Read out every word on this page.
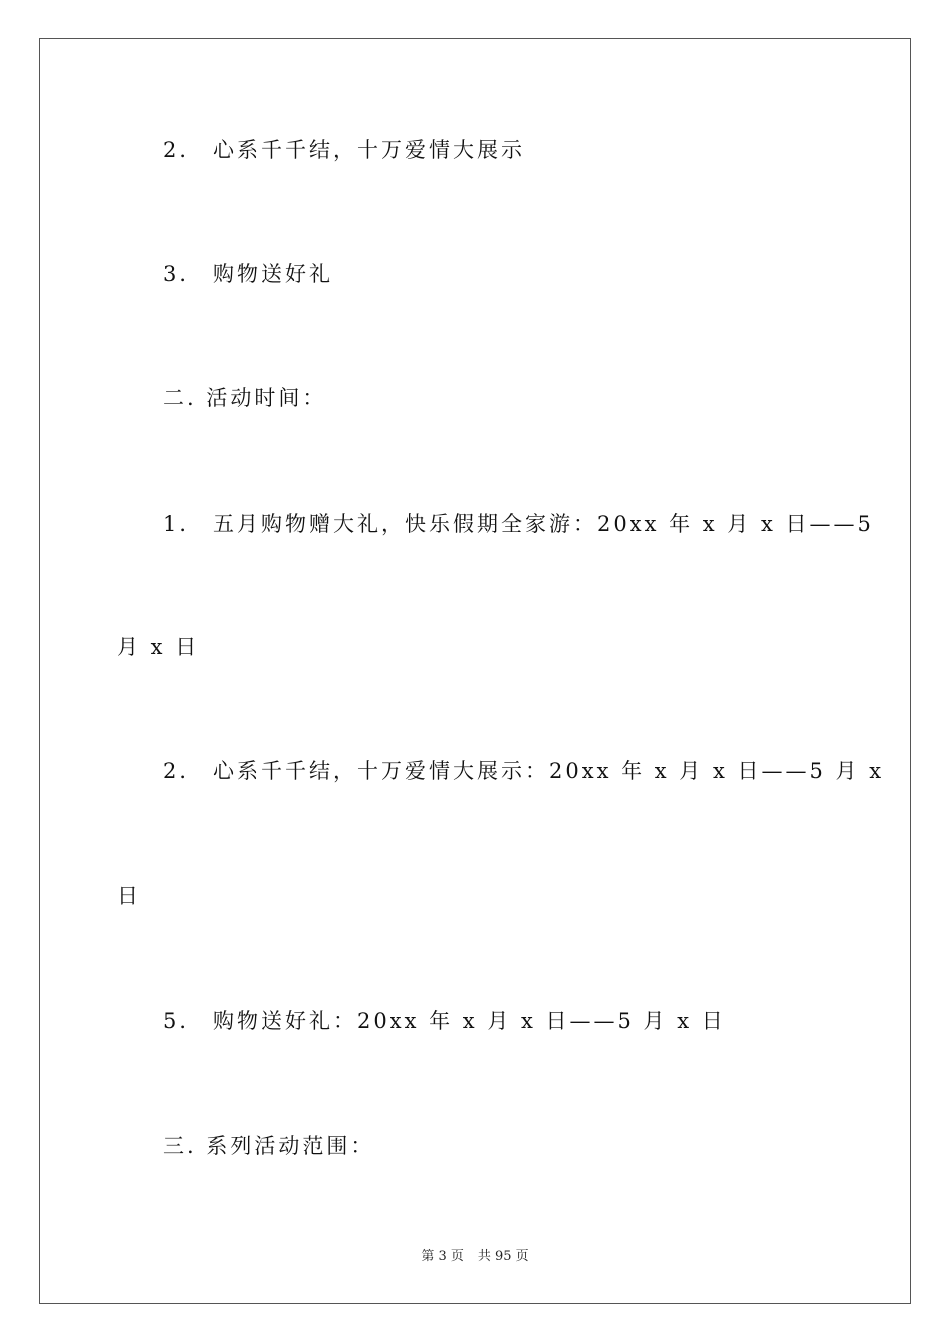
2． 心系千千结，十万爱情大展示
3． 购物送好礼
二. 活动时间：
1． 五月购物赠大礼，快乐假期全家游：20xx 年 x 月 x 日——5
月 x 日
2． 心系千千结，十万爱情大展示：20xx 年 x 月 x 日——5 月 x
日
5． 购物送好礼：20xx 年 x 月 x 日——5 月 x 日
三. 系列活动范围：
第 3 页 共 95 页
